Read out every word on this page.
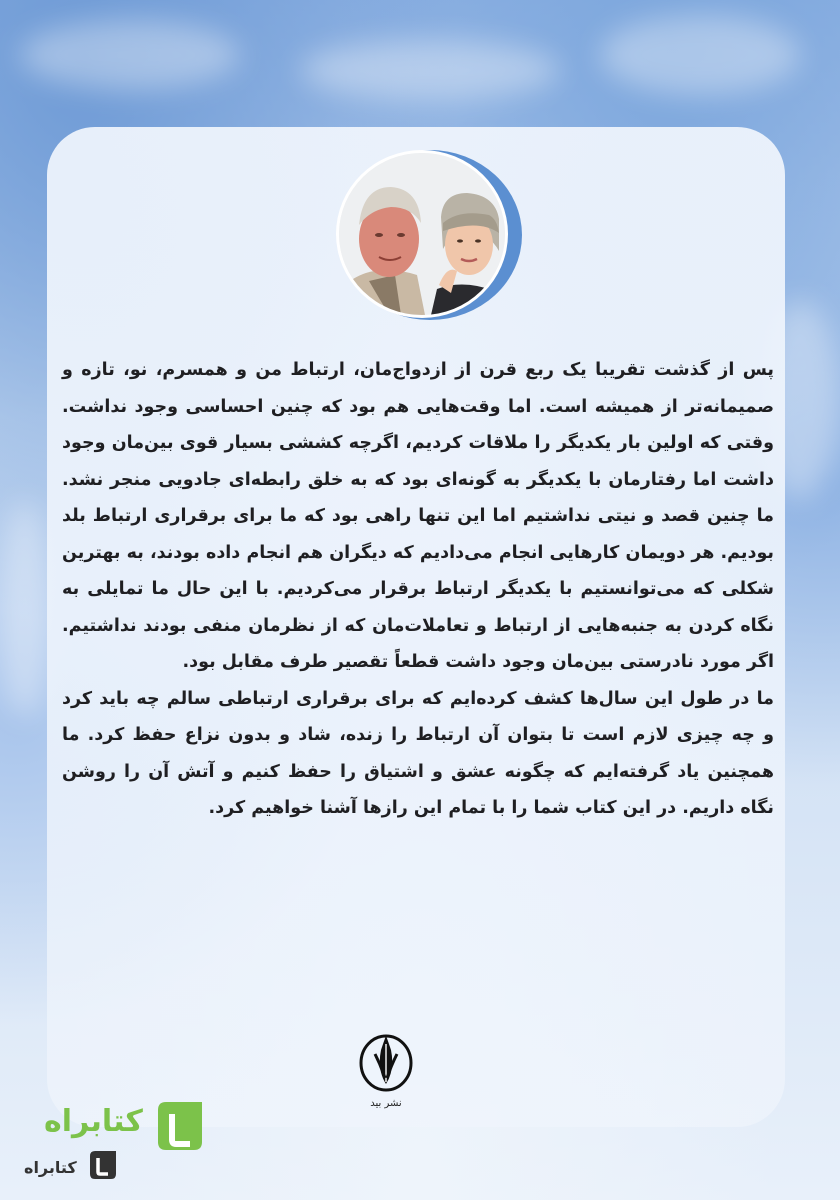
پس از گذشت تقریبا یک ربع قرن از ازدواج‌مان، ارتباط من و همسرم، نو، تازه و صمیمانه‌تر از همیشه است. اما وقت‌هایی هم بود که چنین احساسی وجود نداشت. وقتی که اولین بار یکدیگر را ملاقات کردیم، اگرچه کششی بسیار قوی بین‌مان وجود داشت اما رفتارمان با یکدیگر به گونه‌ای بود که به خلق رابطه‌ای جادویی منجر نشد. ما چنین قصد و نیتی نداشتیم اما این تنها راهی بود که ما برای برقراری ارتباط بلد بودیم. هر دویمان کارهایی انجام می‌دادیم که دیگران هم انجام داده بودند، به بهترین شکلی که می‌توانستیم با یکدیگر ارتباط برقرار می‌کردیم. با این حال ما تمایلی به نگاه کردن به جنبه‌هایی از ارتباط و تعاملات‌مان که از نظرمان منفی بودند نداشتیم. اگر مورد نادرستی بین‌مان وجود داشت قطعاً تقصیر طرف مقابل بود.

ما در طول این سال‌ها کشف کرده‌ایم که برای برقراری ارتباطی سالم چه باید کرد و چه چیزی لازم است تا بتوان آن ارتباط را زنده، شاد و بدون نزاع حفظ کرد. ما همچنین یاد گرفته‌ایم که چگونه عشق و اشتیاق را حفظ کنیم و آتش آن را روشن نگاه داریم. در این کتاب شما را با تمام این رازها آشنا خواهیم کرد.

نشر بید
کتابراه
کتابراه
